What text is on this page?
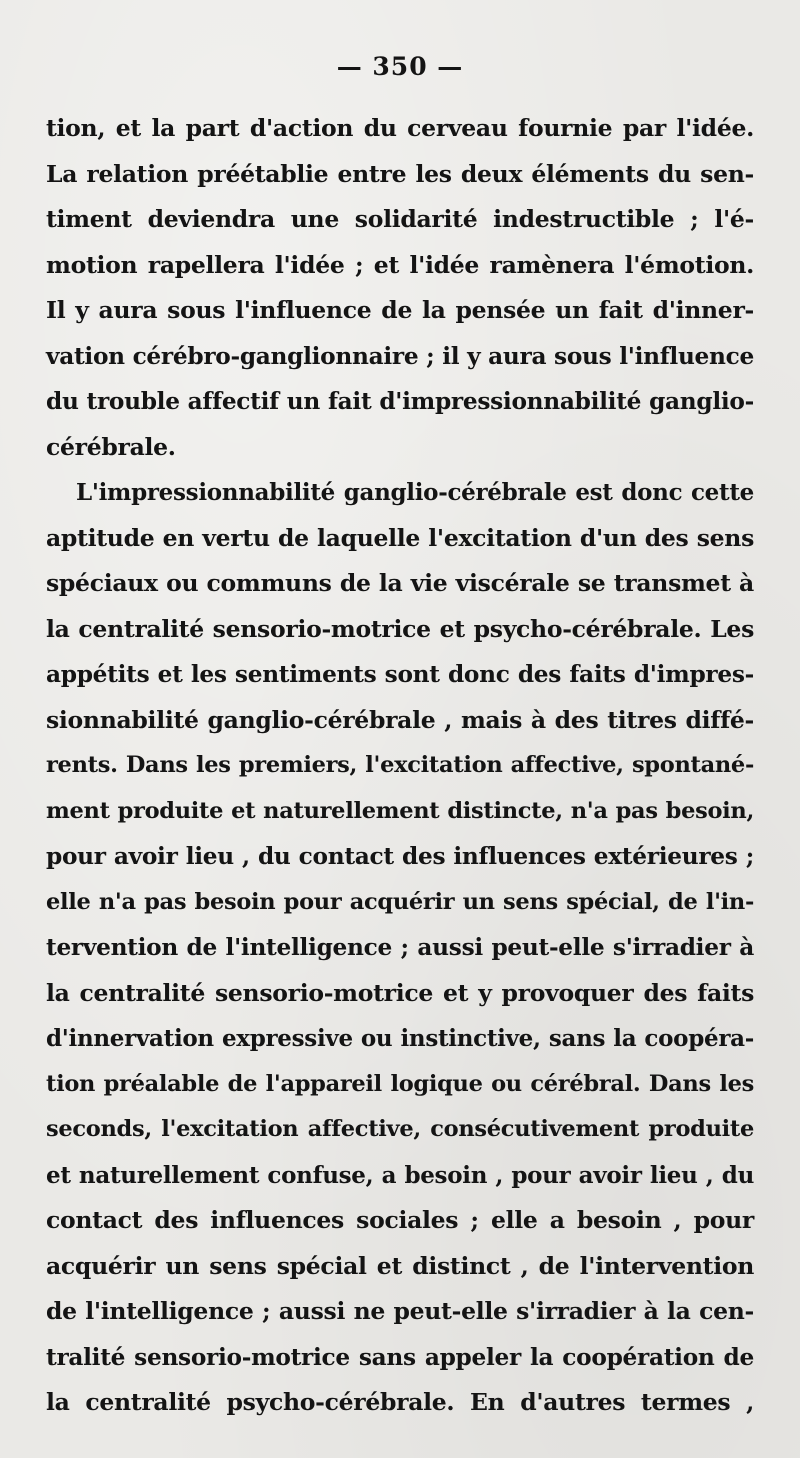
— 350 —
tion, et la part d'action du cerveau fournie par l'idée.
La relation préétablie entre les deux éléments du sen-
timent deviendra une solidarité indestructible ; l'é-
motion rapellera l'idée ; et l'idée ramènera l'émotion.
Il y aura sous l'influence de la pensée un fait d'inner-
vation cérébro-ganglionnaire ; il y aura sous l'influence
du trouble affectif un fait d'impressionnabilité ganglio-
cérébrale.
L'impressionnabilité ganglio-cérébrale est donc cette
aptitude en vertu de laquelle l'excitation d'un des sens
spéciaux ou communs de la vie viscérale se transmet à
la centralité sensorio-motrice et psycho-cérébrale. Les
appétits et les sentiments sont donc des faits d'impres-
sionnabilité ganglio-cérébrale , mais à des titres diffé-
rents. Dans les premiers, l'excitation affective, spontané-
ment produite et naturellement distincte, n'a pas besoin,
pour avoir lieu , du contact des influences extérieures ;
elle n'a pas besoin pour acquérir un sens spécial, de l'in-
tervention de l'intelligence ; aussi peut-elle s'irradier à
la centralité sensorio-motrice et y provoquer des faits
d'innervation expressive ou instinctive, sans la coopéra-
tion préalable de l'appareil logique ou cérébral. Dans les
seconds, l'excitation affective, consécutivement produite
et naturellement confuse, a besoin , pour avoir lieu , du
contact des influences sociales ; elle a besoin , pour
acquérir un sens spécial et distinct , de l'intervention
de l'intelligence ; aussi ne peut-elle s'irradier à la cen-
tralité sensorio-motrice sans appeler la coopération de
la centralité psycho-cérébrale. En d'autres termes ,
